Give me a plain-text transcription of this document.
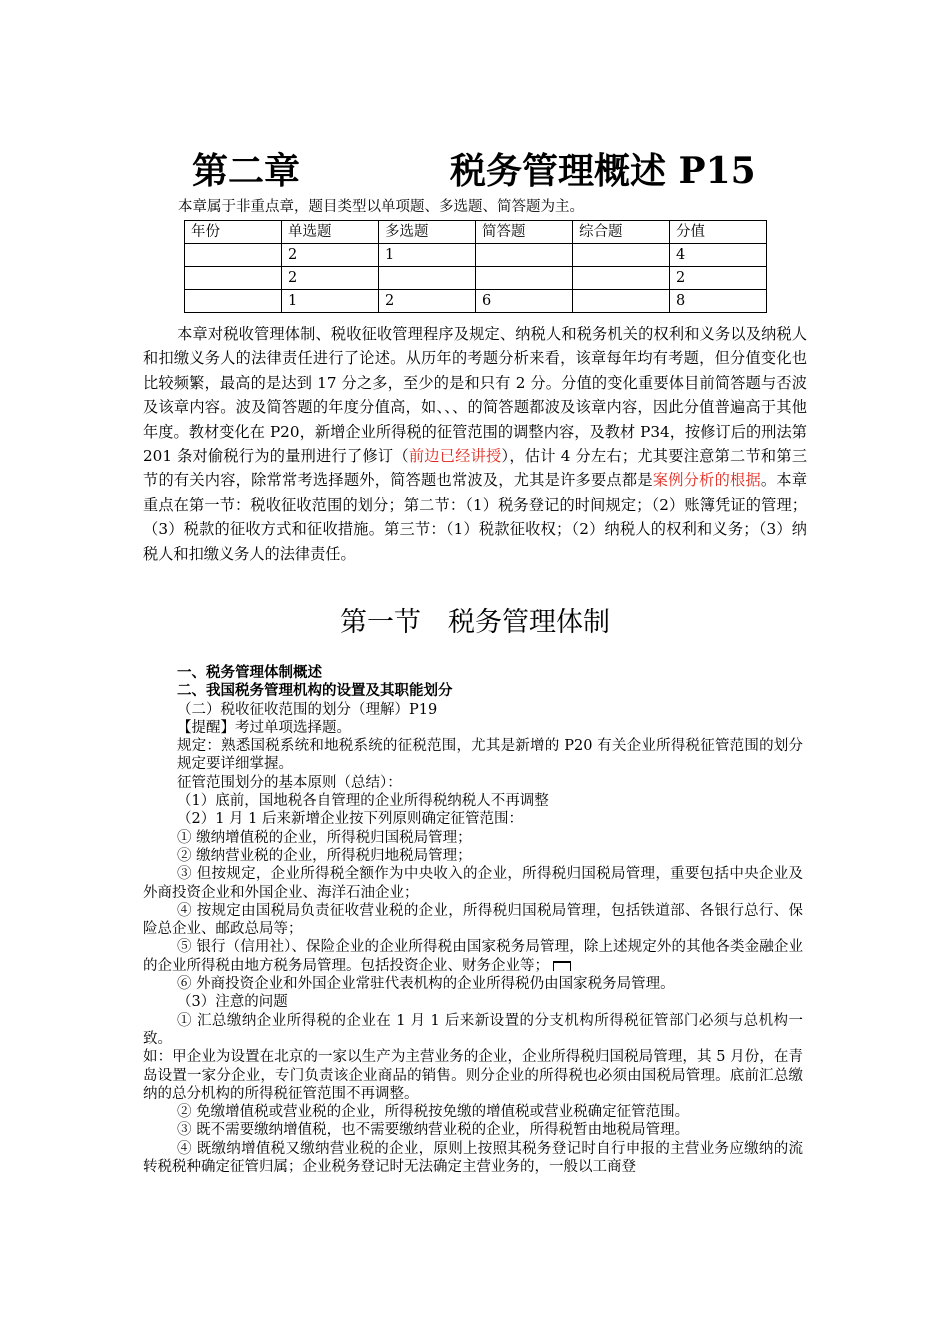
第二章	税务管理概述 P15
本章属于非重点章，题目类型以单项题、多选题、简答题为主。
年份	单选题	多选题	简答题	综合题	分值
	2	1			4
	2				2
	1	2	6		8
本章对税收管理体制、税收征收管理程序及规定、纳税人和税务机关的权利和义务以及纳税人和扣缴义务人的法律责任进行了论述。从历年的考题分析来看，该章每年均有考题，但分值变化也比较频繁，最高的是达到 17 分之多，至少的是和只有 2 分。分值的变化重要体目前简答题与否波及该章内容。波及简答题的年度分值高，如、、、的简答题都波及该章内容，因此分值普遍高于其他年度。教材变化在 P20，新增企业所得税的征管范围的调整内容，及教材 P34，按修订后的刑法第 201 条对偷税行为的量刑进行了修订（前边已经讲授），估计 4 分左右；尤其要注意第二节和第三节的有关内容，除常常考选择题外，简答题也常波及，尤其是许多要点都是案例分析的根据。本章重点在第一节：税收征收范围的划分；第二节：（1）税务登记的时间规定；（2）账簿凭证的管理；（3）税款的征收方式和征收措施。第三节：（1）税款征收权；（2）纳税人的权利和义务；（3）纳税人和扣缴义务人的法律责任。
第一节　税务管理体制
一、税务管理体制概述
二、我国税务管理机构的设置及其职能划分
（二）税收征收范围的划分（理解）P19
【提醒】考过单项选择题。
规定：熟悉国税系统和地税系统的征税范围，尤其是新增的 P20 有关企业所得税征管范围的划分规定要详细掌握。
征管范围划分的基本原则（总结）：
（1）底前，国地税各自管理的企业所得税纳税人不再调整
（2）1 月 1 后来新增企业按下列原则确定征管范围：
① 缴纳增值税的企业，所得税归国税局管理；
② 缴纳营业税的企业，所得税归地税局管理；
③ 但按规定，企业所得税全额作为中央收入的企业，所得税归国税局管理，重要包括中央企业及外商投资企业和外国企业、海洋石油企业；
④ 按规定由国税局负责征收营业税的企业，所得税归国税局管理，包括铁道部、各银行总行、保险总企业、邮政总局等；
⑤ 银行（信用社）、保险企业的企业所得税由国家税务局管理，除上述规定外的其他各类金融企业的企业所得税由地方税务局管理。包括投资企业、财务企业等；
⑥ 外商投资企业和外国企业常驻代表机构的企业所得税仍由国家税务局管理。
（3）注意的问题
① 汇总缴纳企业所得税的企业在 1 月 1 后来新设置的分支机构所得税征管部门必须与总机构一致。
如：甲企业为设置在北京的一家以生产为主营业务的企业，企业所得税归国税局管理，其 5 月份，在青岛设置一家分企业，专门负责该企业商品的销售。则分企业的所得税也必须由国税局管理。底前汇总缴纳的总分机构的所得税征管范围不再调整。
② 免缴增值税或营业税的企业，所得税按免缴的增值税或营业税确定征管范围。
③ 既不需要缴纳增值税，也不需要缴纳营业税的企业，所得税暂由地税局管理。
④ 既缴纳增值税又缴纳营业税的企业，原则上按照其税务登记时自行申报的主营业务应缴纳的流转税税种确定征管归属；企业税务登记时无法确定主营业务的，一般以工商登
